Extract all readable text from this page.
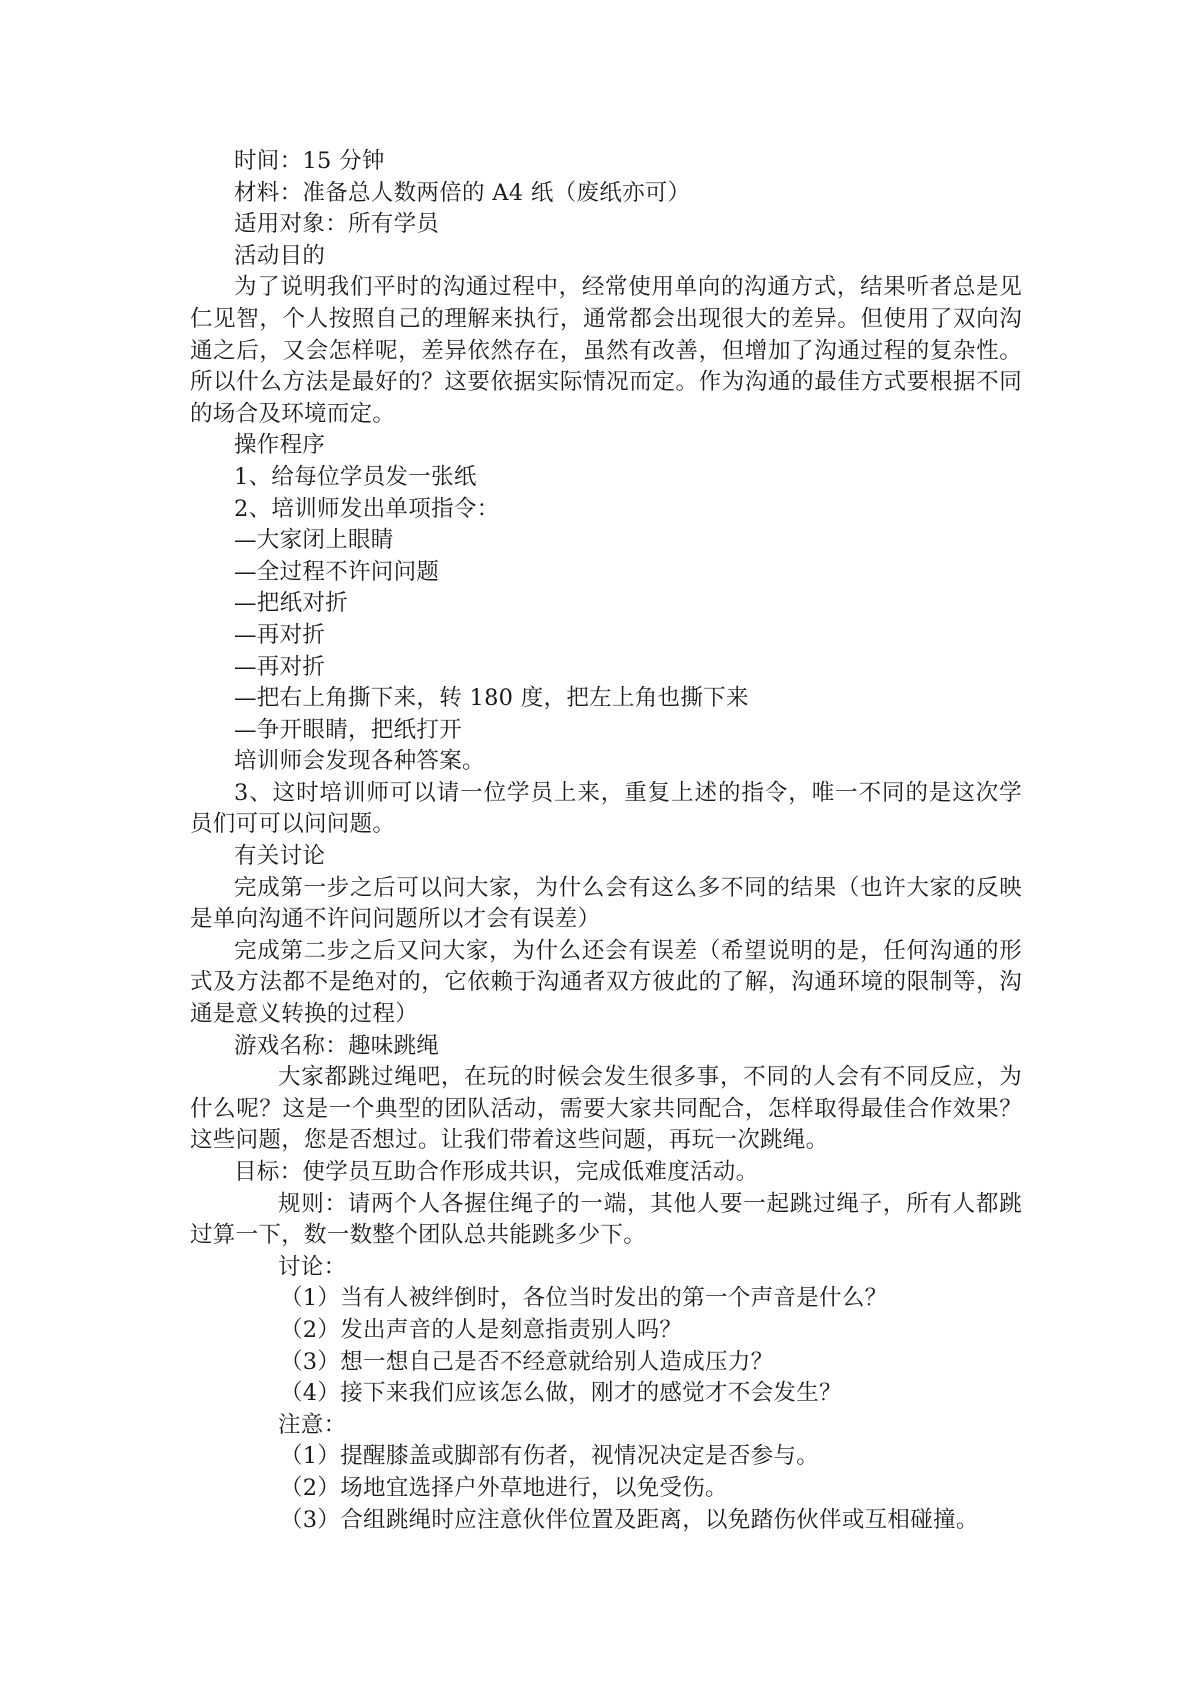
时间：15 分钟

材料：准备总人数两倍的 A4 纸（废纸亦可）

适用对象：所有学员

活动目的

为了说明我们平时的沟通过程中，经常使用单向的沟通方式，结果听者总是见仁见智，个人按照自己的理解来执行，通常都会出现很大的差异。但使用了双向沟通之后，又会怎样呢，差异依然存在，虽然有改善，但增加了沟通过程的复杂性。所以什么方法是最好的？这要依据实际情况而定。作为沟通的最佳方式要根据不同的场合及环境而定。

操作程序

1、给每位学员发一张纸

2、培训师发出单项指令：

—大家闭上眼睛

—全过程不许问问题

—把纸对折

—再对折

—再对折

—把右上角撕下来，转 180 度，把左上角也撕下来

—争开眼睛，把纸打开

培训师会发现各种答案。

3、这时培训师可以请一位学员上来，重复上述的指令，唯一不同的是这次学员们可可以问问题。

有关讨论

完成第一步之后可以问大家，为什么会有这么多不同的结果（也许大家的反映是单向沟通不许问问题所以才会有误差）

完成第二步之后又问大家，为什么还会有误差（希望说明的是，任何沟通的形式及方法都不是绝对的，它依赖于沟通者双方彼此的了解，沟通环境的限制等，沟通是意义转换的过程）

游戏名称：趣味跳绳

大家都跳过绳吧，在玩的时候会发生很多事，不同的人会有不同反应，为什么呢？这是一个典型的团队活动，需要大家共同配合，怎样取得最佳合作效果？这些问题，您是否想过。让我们带着这些问题，再玩一次跳绳。

目标：使学员互助合作形成共识，完成低难度活动。

规则：请两个人各握住绳子的一端，其他人要一起跳过绳子，所有人都跳过算一下，数一数整个团队总共能跳多少下。

讨论：

（1）当有人被绊倒时，各位当时发出的第一个声音是什么？

（2）发出声音的人是刻意指责别人吗？

（3）想一想自己是否不经意就给别人造成压力？

（4）接下来我们应该怎么做，刚才的感觉才不会发生？

注意：

（1）提醒膝盖或脚部有伤者，视情况决定是否参与。

（2）场地宜选择户外草地进行，以免受伤。

（3）合组跳绳时应注意伙伴位置及距离，以免踏伤伙伴或互相碰撞。
